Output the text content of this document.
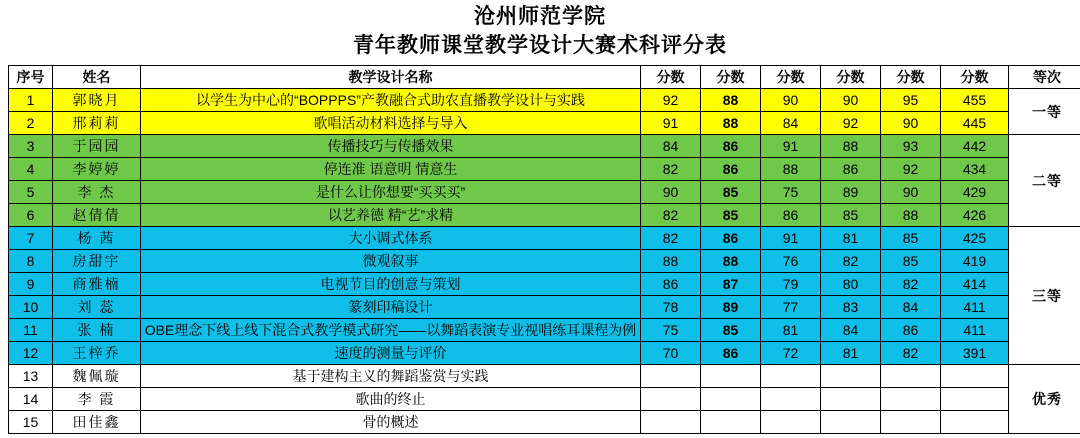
沧州师范学院
青年教师课堂教学设计大赛术科评分表
序号	姓名	教学设计名称	分数	分数	分数	分数	分数	分数	等次
1	郭晓月	以学生为中心的“BOPPPS”产教融合式助农直播教学设计与实践	92	88	90	90	95	455	一等
2	邢莉莉	歌唱活动材料选择与导入	91	88	84	92	90	445	
3	于园园	传播技巧与传播效果	84	86	91	88	93	442	二等
4	李婷婷	停连准 语意明 情意生	82	86	88	86	92	434	
5	李 杰	是什么让你想要“买买买”	90	85	75	89	90	429	
6	赵倩倩	以艺养德 精“艺”求精	82	85	86	85	88	426	
7	杨 茜	大小调式体系	82	86	91	81	85	425	三等
8	房甜宇	微观叙事	88	88	76	82	85	419	
9	商雅楠	电视节目的创意与策划	86	87	79	80	82	414	
10	刘 蕊	篆刻印稿设计	78	89	77	83	84	411	
11	张 楠	OBE理念下线上线下混合式教学模式研究——以舞蹈表演专业视唱练耳课程为例	75	85	81	84	86	411	
12	王梓乔	速度的测量与评价	70	86	72	81	82	391	
13	魏佩璇	基于建构主义的舞蹈鉴赏与实践							优秀
14	李 霞	歌曲的终止							
15	田佳鑫	骨的概述							
